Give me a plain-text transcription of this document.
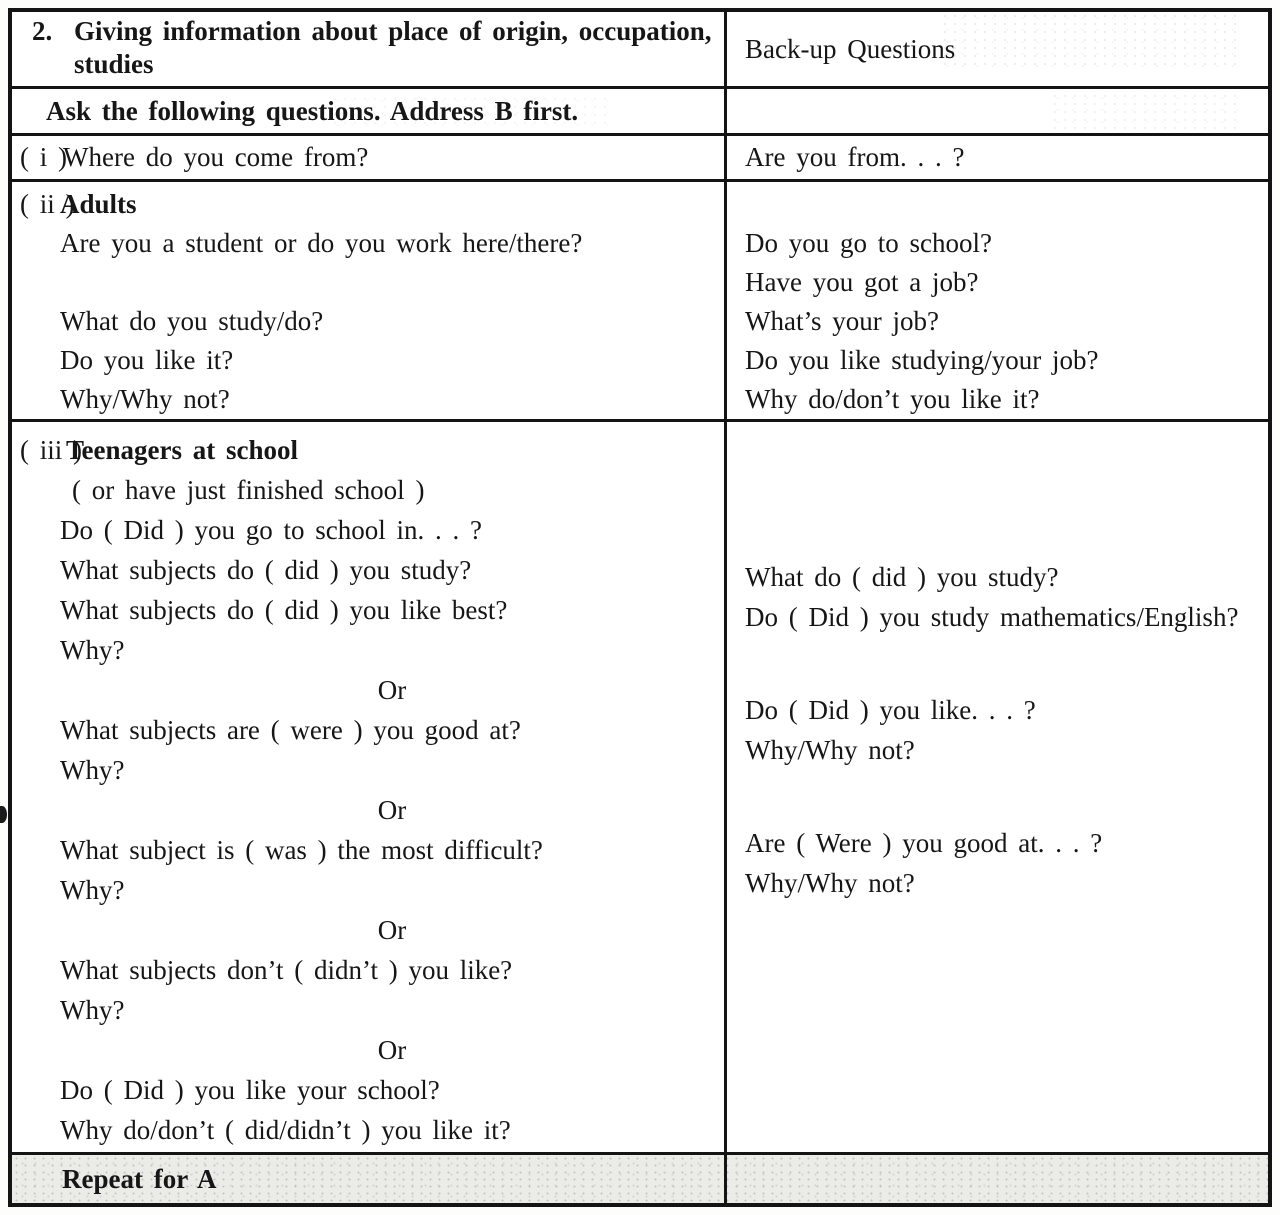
2. Giving information about place of origin, occupation,
studies	Back-up Questions
Ask the following questions. Address B first.
( i )Where do you come from?	Are you from. . . ?
( ii )Adults
Are you a student or do you work here/there?
What do you study/do?
Do you like it?
Why/Why not?
Do you go to school?
Have you got a job?
What’s your job?
Do you like studying/your job?
Why do/don’t you like it?
( iii )Teenagers at school
( or have just finished school )
Do ( Did ) you go to school in. . . ?
What subjects do ( did ) you study?
What subjects do ( did ) you like best?
Why?
Or
What subjects are ( were ) you good at?
Why?
Or
What subject is ( was ) the most difficult?
Why?
Or
What subjects don’t ( didn’t ) you like?
Why?
Or
Do ( Did ) you like your school?
Why do/don’t ( did/didn’t ) you like it?
What do ( did ) you study?
Do ( Did ) you study mathematics/English?
Do ( Did ) you like. . . ?
Why/Why not?
Are ( Were ) you good at. . . ?
Why/Why not?
Repeat for A
